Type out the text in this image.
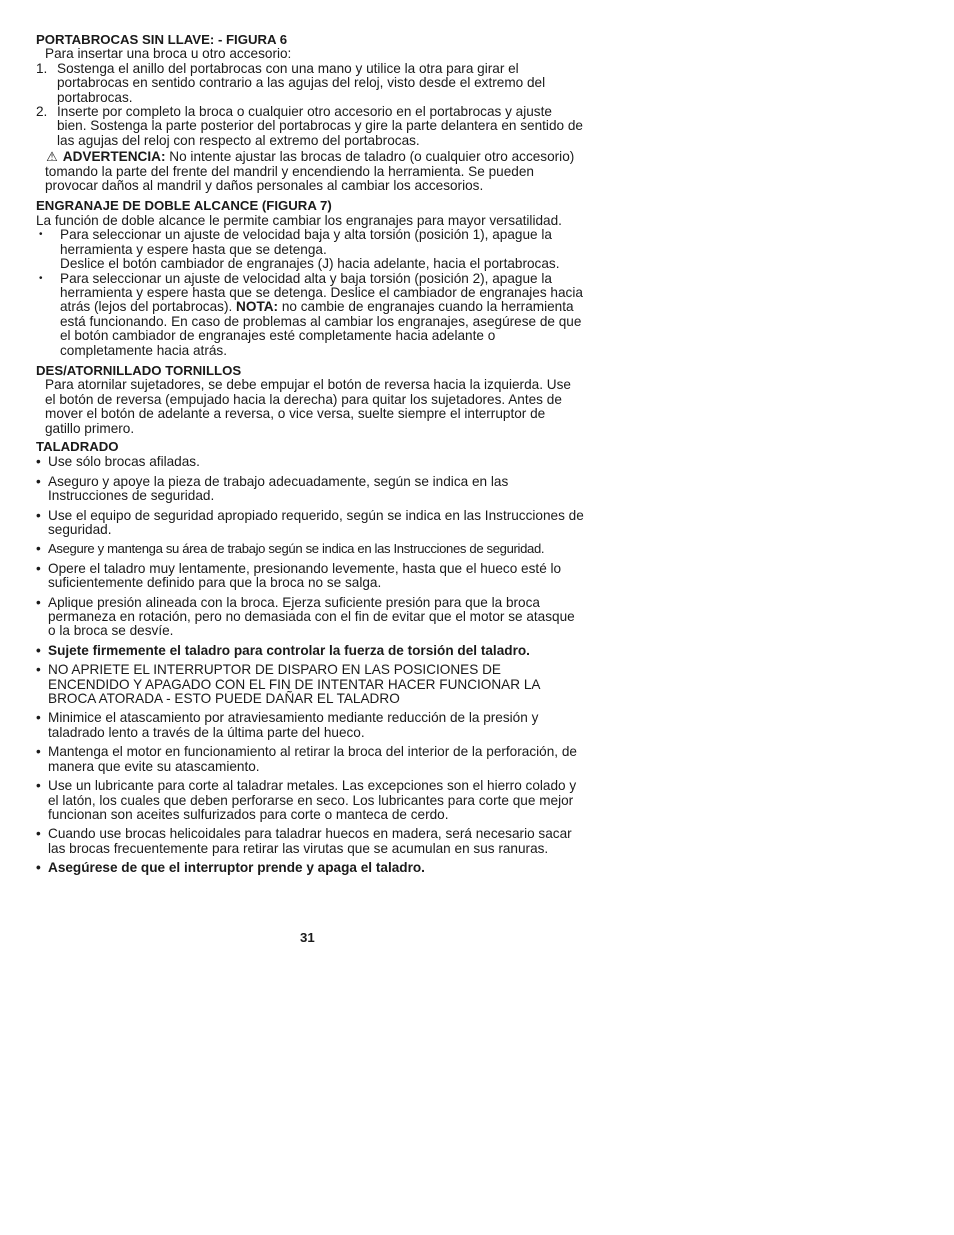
PORTABROCAS SIN LLAVE: - FIGURA 6

Para insertar una broca u otro accesorio:

1. Sostenga el anillo del portabrocas con una mano y utilice la otra para girar el portabrocas en sentido contrario a las agujas del reloj, visto desde el extremo del portabrocas.
2. Inserte por completo la broca o cualquier otro accesorio en el portabrocas y ajuste bien. Sostenga la parte posterior del portabrocas y gire la parte delantera en sentido de las agujas del reloj con respecto al extremo del portabrocas.

⚠ ADVERTENCIA: No intente ajustar las brocas de taladro (o cualquier otro accesorio) tomando la parte del frente del mandril y encendiendo la herramienta. Se pueden provocar daños al mandril y daños personales al cambiar los accesorios.

ENGRANAJE DE DOBLE ALCANCE (FIGURA 7)

La función de doble alcance le permite cambiar los engranajes para mayor versatilidad.

•	Para seleccionar un ajuste de velocidad baja y alta torsión (posición 1), apague la herramienta y espere hasta que se detenga.
Deslice el botón cambiador de engranajes (J) hacia adelante, hacia el portabrocas.
•	Para seleccionar un ajuste de velocidad alta y baja torsión (posición 2), apague la herramienta y espere hasta que se detenga. Deslice el cambiador de engranajes hacia atrás (lejos del portabrocas). NOTA: no cambie de engranajes cuando la herramienta está funcionando. En caso de problemas al cambiar los engranajes, asegúrese de que el botón cambiador de engranajes esté completamente hacia adelante o completamente hacia atrás.

DES/ATORNILLADO TORNILLOS

Para atornilar sujetadores, se debe empujar el botón de reversa hacia la izquierda. Use el botón de reversa (empujado hacia la derecha) para quitar los sujetadores. Antes de mover el botón de adelante a reversa, o vice versa, suelte siempre el interruptor de gatillo primero.

TALADRADO

• Use sólo brocas afiladas.
• Aseguro y apoye la pieza de trabajo adecuadamente, según se indica en las Instrucciones de seguridad.
• Use el equipo de seguridad apropiado requerido, según se indica en las Instrucciones de seguridad.
• Asegure y mantenga su área de trabajo según se indica en las Instrucciones de seguridad.
• Opere el taladro muy lentamente, presionando levemente, hasta que el hueco esté lo suficientemente definido para que la broca no se salga.
• Aplique presión alineada con la broca. Ejerza suficiente presión para que la broca permaneza en rotación, pero no demasiada con el fin de evitar que el motor se atasque o la broca se desvíe.
• Sujete firmemente el taladro para controlar la fuerza de torsión del taladro.
• NO APRIETE EL INTERRUPTOR DE DISPARO EN LAS POSICIONES DE ENCENDIDO Y APAGADO CON EL FIN DE INTENTAR HACER FUNCIONAR LA BROCA ATORADA - ESTO PUEDE DAÑAR EL TALADRO
• Minimice el atascamiento por atraviesamiento mediante reducción de la presión y taladrado lento a través de la última parte del hueco.
• Mantenga el motor en funcionamiento al retirar la broca del interior de la perforación, de manera que evite su atascamiento.
• Use un lubricante para corte al taladrar metales. Las excepciones son el hierro colado y el latón, los cuales que deben perforarse en seco. Los lubricantes para corte que mejor funcionan son aceites sulfurizados para corte o manteca de cerdo.
• Cuando use brocas helicoidales para taladrar huecos en madera, será necesario sacar las brocas frecuentemente para retirar las virutas que se acumulan en sus ranuras.
• Asegúrese de que el interruptor prende y apaga el taladro.
31
